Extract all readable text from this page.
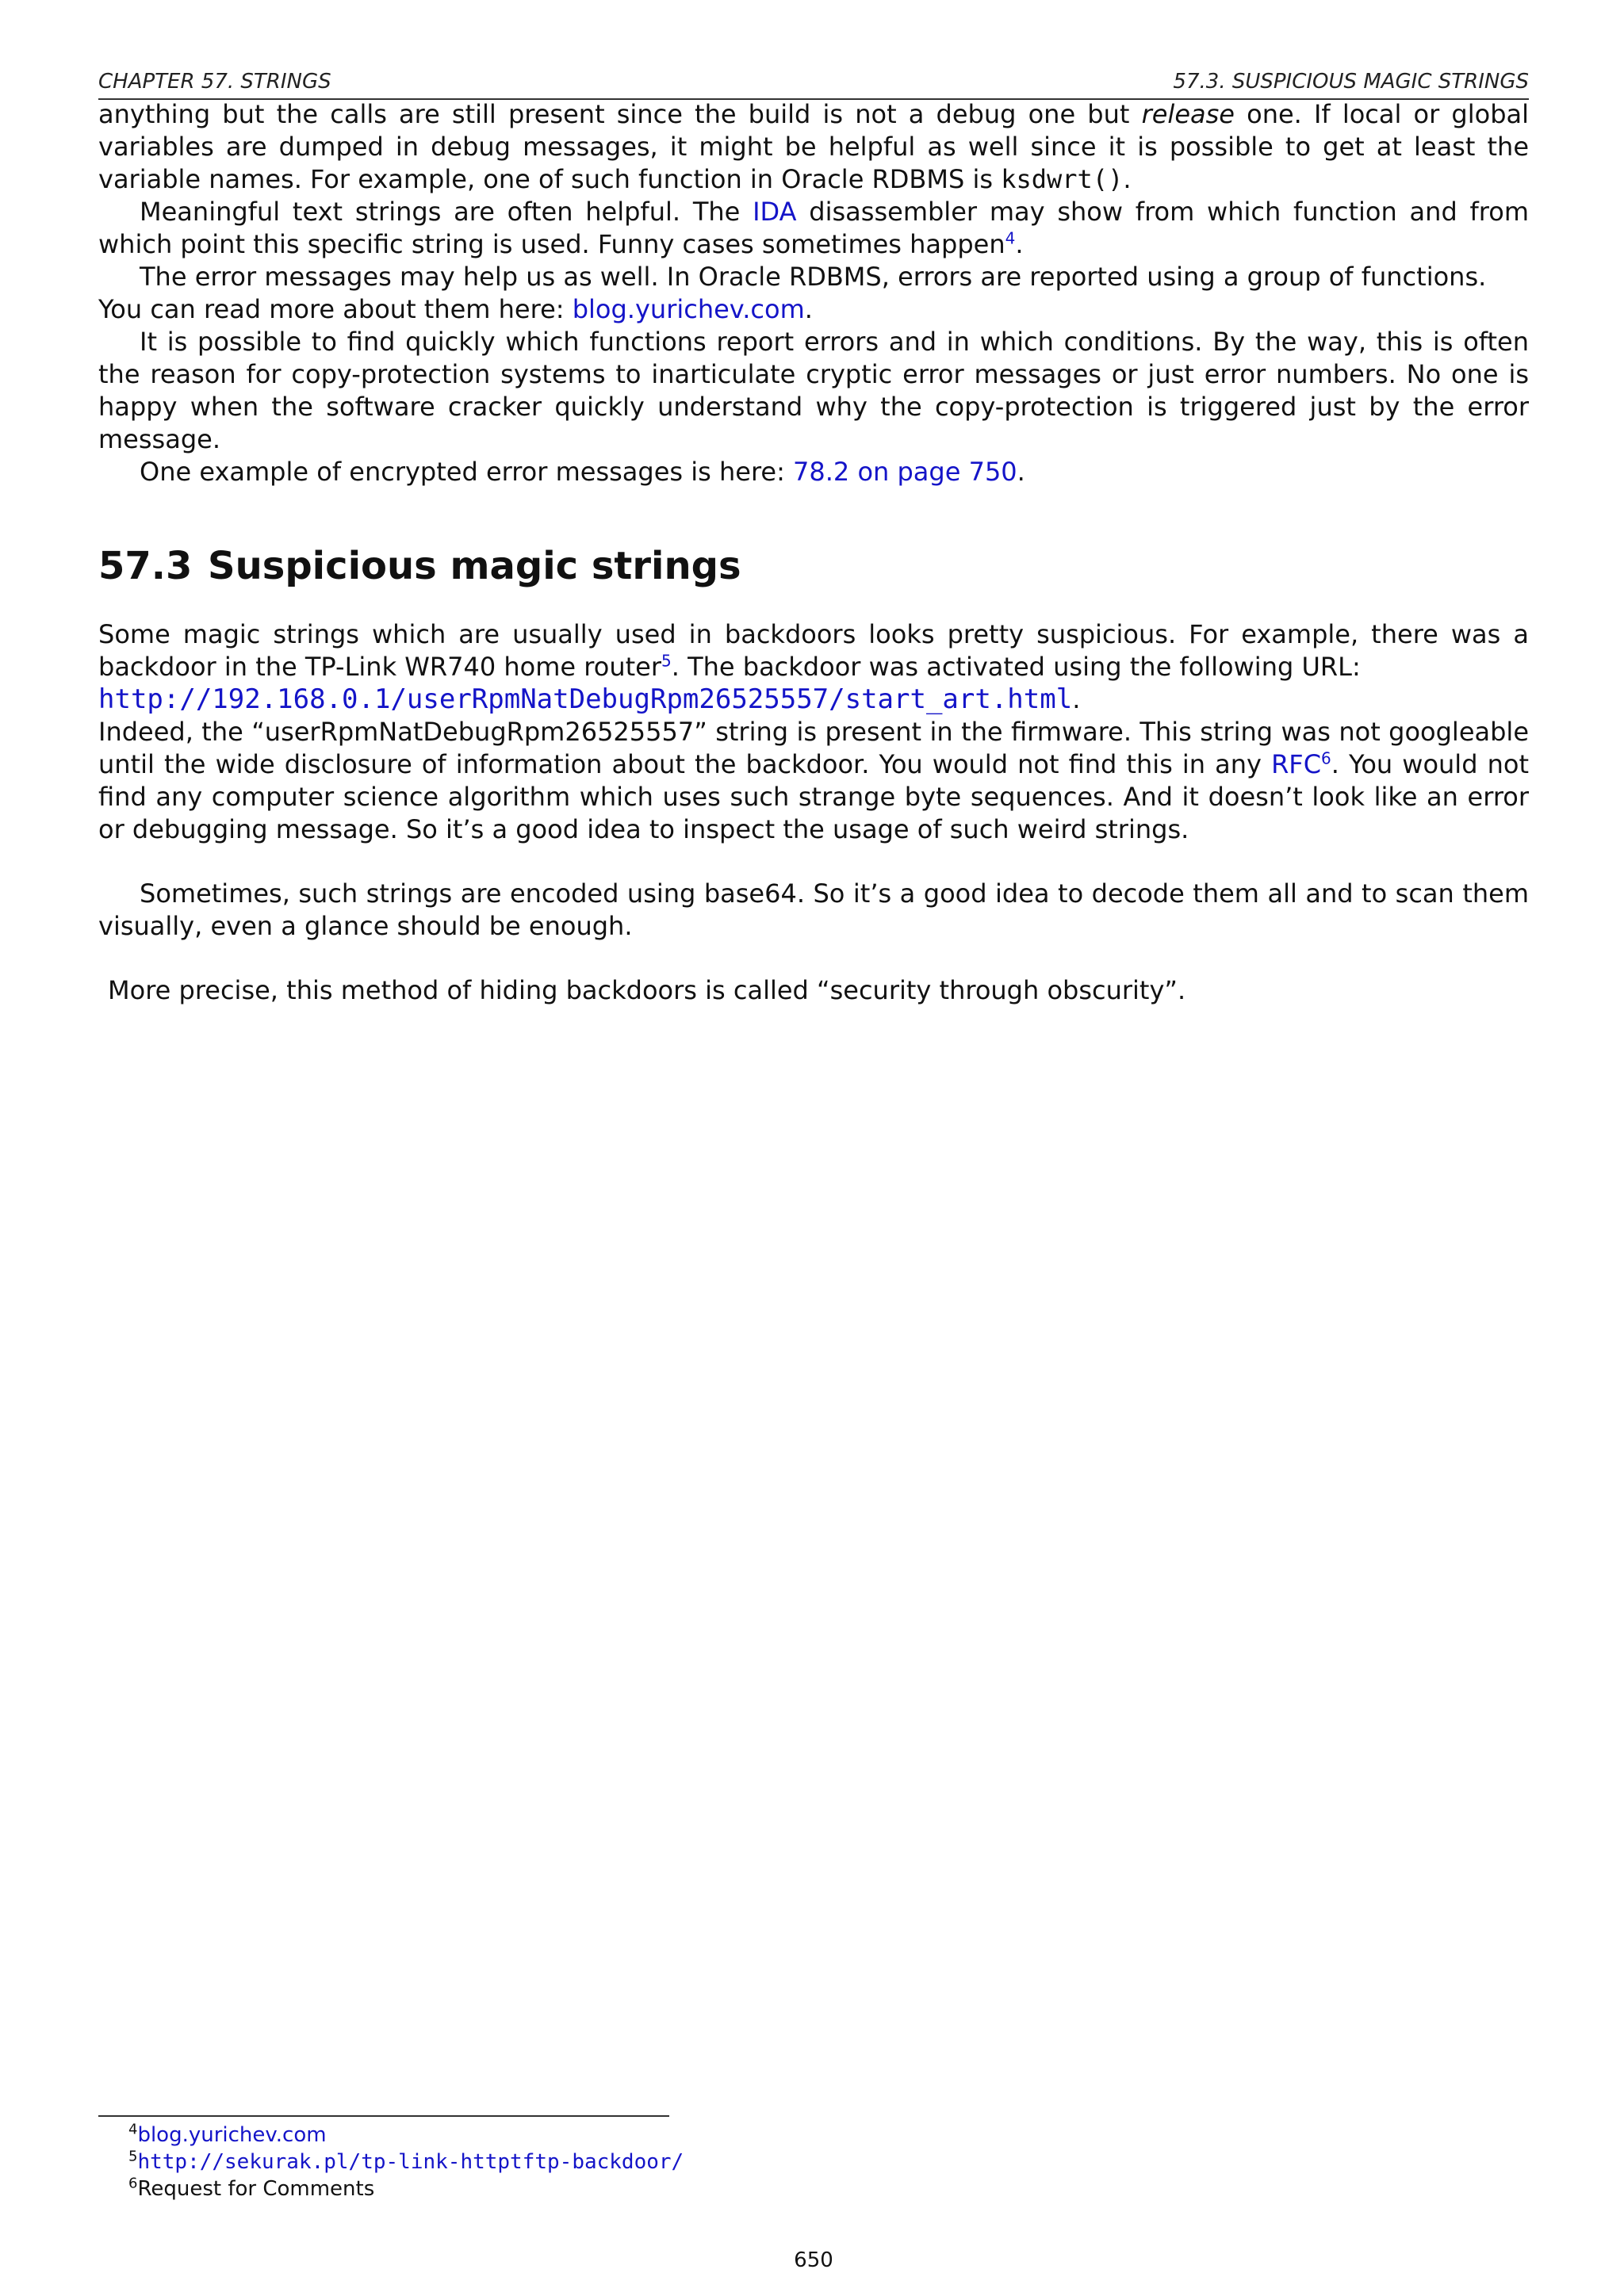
CHAPTER 57. STRINGS	57.3. SUSPICIOUS MAGIC STRINGS

anything but the calls are still present since the build is not a debug one but release one. If local or global variables are dumped in debug messages, it might be helpful as well since it is possible to get at least the variable names. For example, one of such function in Oracle RDBMS is ksdwrt().

Meaningful text strings are often helpful. The IDA disassembler may show from which function and from which point this specific string is used. Funny cases sometimes happen$^4$.

The error messages may help us as well. In Oracle RDBMS, errors are reported using a group of functions.

You can read more about them here: blog.yurichev.com.

It is possible to find quickly which functions report errors and in which conditions. By the way, this is often the reason for copy-protection systems to inarticulate cryptic error messages or just error numbers. No one is happy when the software cracker quickly understand why the copy-protection is triggered just by the error message.

One example of encrypted error messages is here: 78.2 on page 750.

57.3 Suspicious magic strings

Some magic strings which are usually used in backdoors looks pretty suspicious. For example, there was a backdoor in the TP-Link WR740 home router$^5$. The backdoor was activated using the following URL:

http://192.168.0.1/userRpmNatDebugRpm26525557/start_art.html.

Indeed, the “userRpmNatDebugRpm26525557” string is present in the firmware. This string was not googleable until the wide disclosure of information about the backdoor. You would not find this in any RFC$^6$. You would not find any computer science algorithm which uses such strange byte sequences. And it doesn’t look like an error or debugging message. So it’s a good idea to inspect the usage of such weird strings.

Sometimes, such strings are encoded using base64. So it’s a good idea to decode them all and to scan them visually, even a glance should be enough.

More precise, this method of hiding backdoors is called “security through obscurity”.

$^4$blog.yurichev.com
$^5$http://sekurak.pl/tp-link-httptftp-backdoor/
$^6$Request for Comments
650
